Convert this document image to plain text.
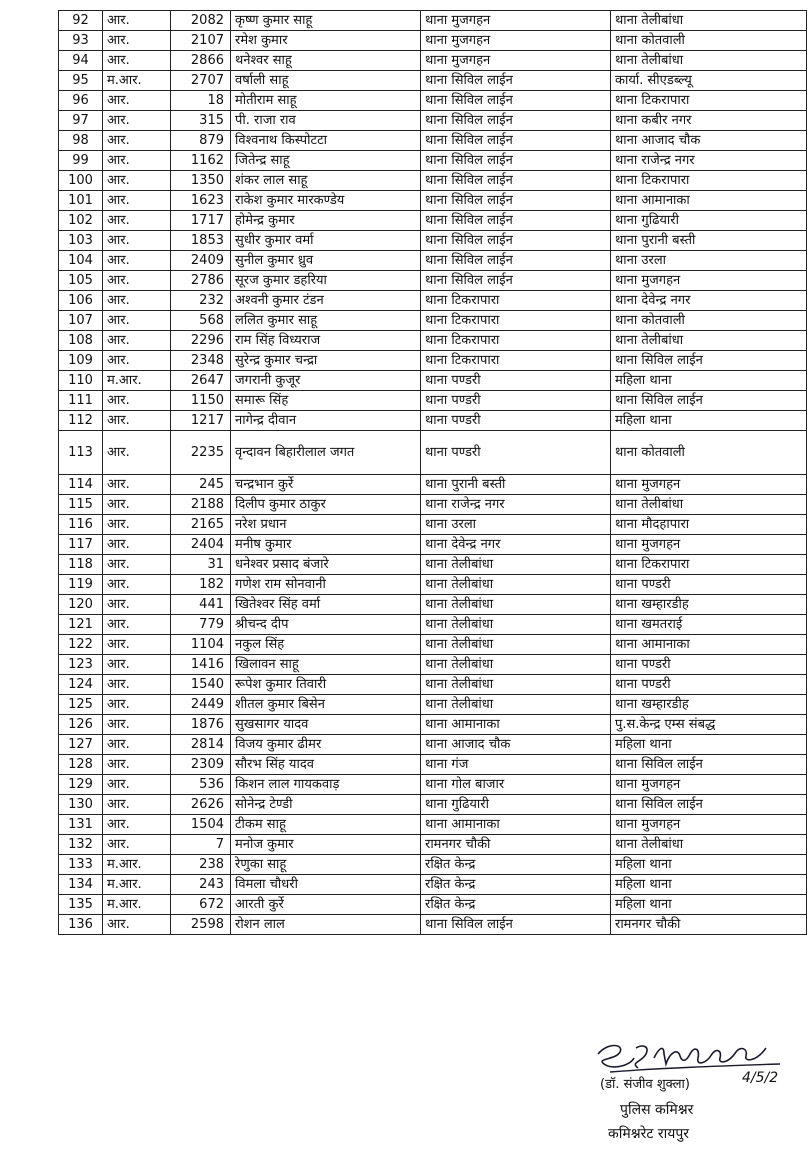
92	आर.	2082	कृष्ण कुमार साहू	थाना मुजगहन	थाना तेलीबांधा
93	आर.	2107	रमेश कुमार	थाना मुजगहन	थाना कोतवाली
94	आर.	2866	थनेश्वर साहू	थाना मुजगहन	थाना तेलीबांधा
95	म.आर.	2707	वर्षाली साहू	थाना सिविल लाईन	कार्या. सीएडब्ल्यू
96	आर.	18	मोतीराम साहू	थाना सिविल लाईन	थाना टिकरापारा
97	आर.	315	पी. राजा राव	थाना सिविल लाईन	थाना कबीर नगर
98	आर.	879	विश्वनाथ किस्पोटटा	थाना सिविल लाईन	थाना आजाद चौक
99	आर.	1162	जितेन्द्र साहू	थाना सिविल लाईन	थाना राजेन्द्र नगर
100	आर.	1350	शंकर लाल साहू	थाना सिविल लाईन	थाना टिकरापारा
101	आर.	1623	राकेश कुमार मारकण्डेय	थाना सिविल लाईन	थाना आमानाका
102	आर.	1717	होमेन्द्र कुमार	थाना सिविल लाईन	थाना गुढियारी
103	आर.	1853	सुधीर कुमार वर्मा	थाना सिविल लाईन	थाना पुरानी बस्ती
104	आर.	2409	सुनील कुमार ध्रुव	थाना सिविल लाईन	थाना उरला
105	आर.	2786	सूरज कुमार डहरिया	थाना सिविल लाईन	थाना मुजगहन
106	आर.	232	अश्वनी कुमार टंडन	थाना टिकरापारा	थाना देवेन्द्र नगर
107	आर.	568	ललित कुमार साहू	थाना टिकरापारा	थाना कोतवाली
108	आर.	2296	राम सिंह विध्यराज	थाना टिकरापारा	थाना तेलीबांधा
109	आर.	2348	सुरेन्द्र कुमार चन्द्रा	थाना टिकरापारा	थाना सिविल लाईन
110	म.आर.	2647	जगरानी कुजूर	थाना पण्डरी	महिला थाना
111	आर.	1150	समारू सिंह	थाना पण्डरी	थाना सिविल लाईन
112	आर.	1217	नागेन्द्र दीवान	थाना पण्डरी	महिला थाना
113	आर.	2235	वृन्दावन बिहारीलाल जगत	थाना पण्डरी	थाना कोतवाली
114	आर.	245	चन्द्रभान कुर्रे	थाना पुरानी बस्ती	थाना मुजगहन
115	आर.	2188	दिलीप कुमार ठाकुर	थाना राजेन्द्र नगर	थाना तेलीबांधा
116	आर.	2165	नरेश प्रधान	थाना उरला	थाना मौदहापारा
117	आर.	2404	मनीष कुमार	थाना देवेन्द्र नगर	थाना मुजगहन
118	आर.	31	धनेश्वर प्रसाद बंजारे	थाना तेलीबांधा	थाना टिकरापारा
119	आर.	182	गणेश राम सोनवानी	थाना तेलीबांधा	थाना पण्डरी
120	आर.	441	खितेश्वर सिंह वर्मा	थाना तेलीबांधा	थाना खम्हारडीह
121	आर.	779	श्रीचन्द दीप	थाना तेलीबांधा	थाना खमतराई
122	आर.	1104	नकुल सिंह	थाना तेलीबांधा	थाना आमानाका
123	आर.	1416	खिलावन साहू	थाना तेलीबांधा	थाना पण्डरी
124	आर.	1540	रूपेश कुमार तिवारी	थाना तेलीबांधा	थाना पण्डरी
125	आर.	2449	शीतल कुमार बिसेन	थाना तेलीबांधा	थाना खम्हारडीह
126	आर.	1876	सुखसागर यादव	थाना आमानाका	पु.स.केन्द्र एम्स संबद्ध
127	आर.	2814	विजय कुमार ढीमर	थाना आजाद चौक	महिला थाना
128	आर.	2309	सौरभ सिंह यादव	थाना गंज	थाना सिविल लाईन
129	आर.	536	किशन लाल गायकवाड़	थाना गोल बाजार	थाना मुजगहन
130	आर.	2626	सोनेन्द्र टेण्डी	थाना गुढियारी	थाना सिविल लाईन
131	आर.	1504	टीकम साहू	थाना आमानाका	थाना मुजगहन
132	आर.	7	मनोज कुमार	रामनगर चौकी	थाना तेलीबांधा
133	म.आर.	238	रेणुका साहू	रक्षित केन्द्र	महिला थाना
134	म.आर.	243	विमला चौधरी	रक्षित केन्द्र	महिला थाना
135	म.आर.	672	आरती कुर्रे	रक्षित केन्द्र	महिला थाना
136	आर.	2598	रोशन लाल	थाना सिविल लाईन	रामनगर चौकी
(डॉ. संजीव शुक्ला)	4/5/2
पुलिस कमिश्नर
कमिश्नरेट रायपुर
